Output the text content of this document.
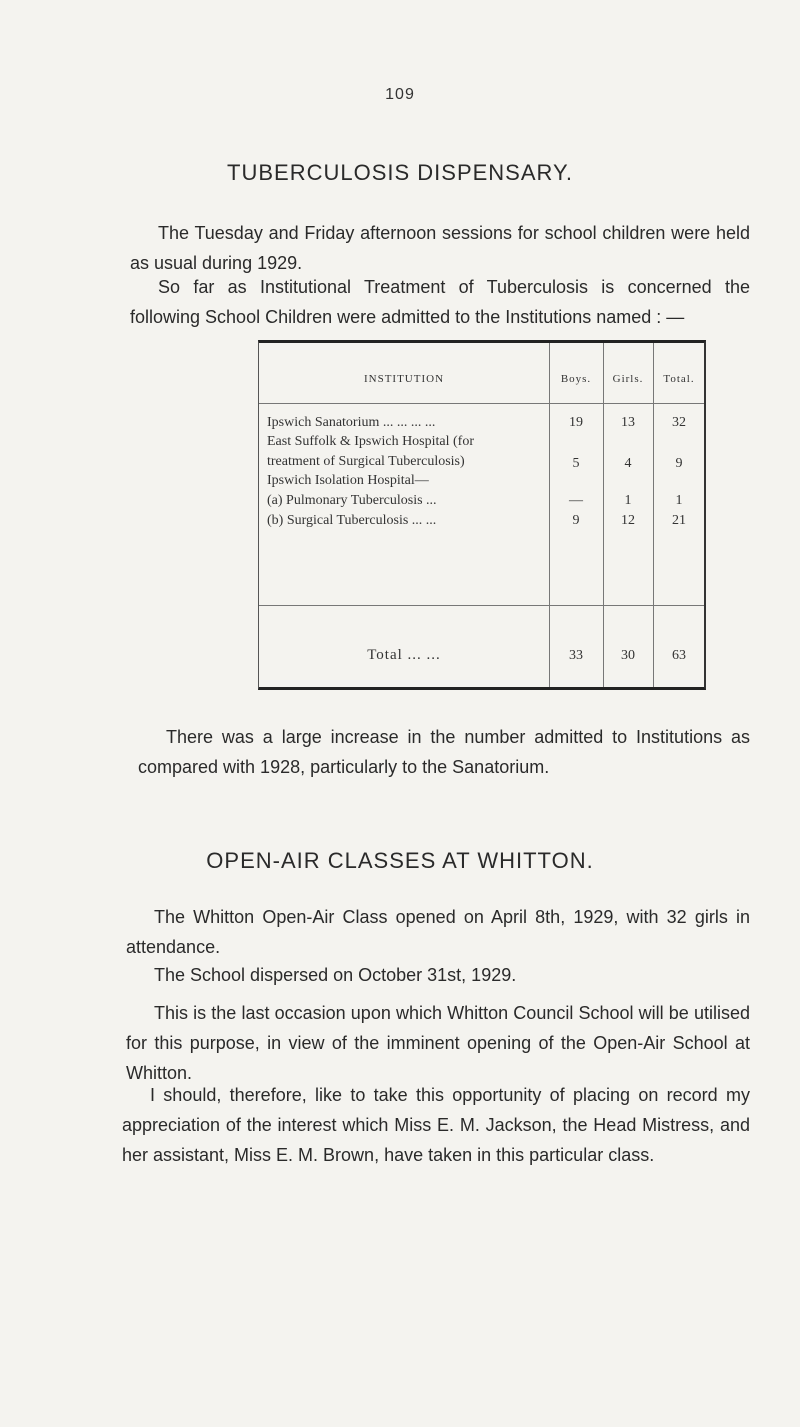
109
TUBERCULOSIS DISPENSARY.

The Tuesday and Friday afternoon sessions for school children were held as usual during 1929.

So far as Institutional Treatment of Tuberculosis is concerned the following School Children were admitted to the Institutions named : —

INSTITUTION	Boys.	Girls.	Total.
Ipswich Sanatorium ... ... ... ...	19	13	32
East Suffolk & Ipswich Hospital (for
treatment of Surgical Tuberculosis)	5	4	9
Ipswich Isolation Hospital—
(a) Pulmonary Tuberculosis ...	—	1	1
(b) Surgical Tuberculosis ... ...	9	12	21
Total ... ...	33	30	63

There was a large increase in the number admitted to Institutions as compared with 1928, particularly to the Sanatorium.

OPEN-AIR CLASSES AT WHITTON.

The Whitton Open-Air Class opened on April 8th, 1929, with 32 girls in attendance.

The School dispersed on October 31st, 1929.

This is the last occasion upon which Whitton Council School will be utilised for this purpose, in view of the imminent opening of the Open-Air School at Whitton.

I should, therefore, like to take this opportunity of placing on record my appreciation of the interest which Miss E. M. Jackson, the Head Mistress, and her assistant, Miss E. M. Brown, have taken in this particular class.
